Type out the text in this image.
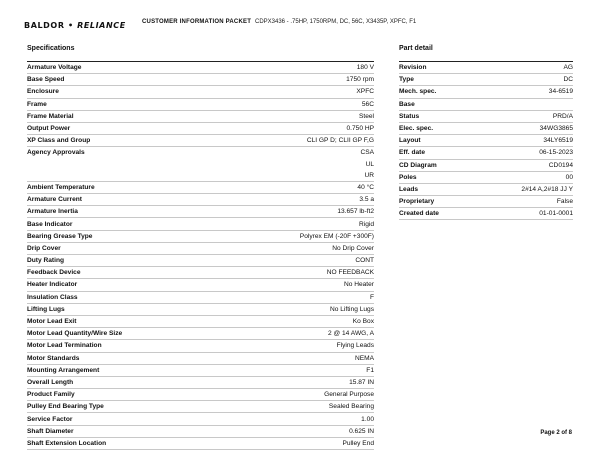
BALDOR • RELIANCE	CUSTOMER INFORMATION PACKET CDPX3436 - .75HP, 1750RPM, DC, 56C, X3435P, XPFC, F1
Specifications
Armature Voltage	180 V
Base Speed	1750 rpm
Enclosure	XPFC
Frame	56C
Frame Material	Steel
Output Power	0.750 HP
XP Class and Group	CLI GP D; CLII GP F,G
Agency Approvals	CSA
UL
UR
Ambient Temperature	40 °C
Armature Current	3.5 a
Armature Inertia	13.657 lb-ft2
Base Indicator	Rigid
Bearing Grease Type	Polyrex EM (-20F +300F)
Drip Cover	No Drip Cover
Duty Rating	CONT
Feedback Device	NO FEEDBACK
Heater Indicator	No Heater
Insulation Class	F
Lifting Lugs	No Lifting Lugs
Motor Lead Exit	Ko Box
Motor Lead Quantity/Wire Size	2 @ 14 AWG, A
Motor Lead Termination	Flying Leads
Motor Standards	NEMA
Mounting Arrangement	F1
Overall Length	15.87 IN
Product Family	General Purpose
Pulley End Bearing Type	Sealed Bearing
Service Factor	1.00
Shaft Diameter	0.625 IN
Shaft Extension Location	Pulley End
Part detail
Revision	AG
Type	DC
Mech. spec.	34-6519
Base
Status	PRD/A
Elec. spec.	34WG3865
Layout	34LY6519
Eff. date	06-15-2023
CD Diagram	CD0194
Poles	00
Leads	2#14 A,2#18 JJ Y
Proprietary	False
Created date	01-01-0001
Page 2 of 8
